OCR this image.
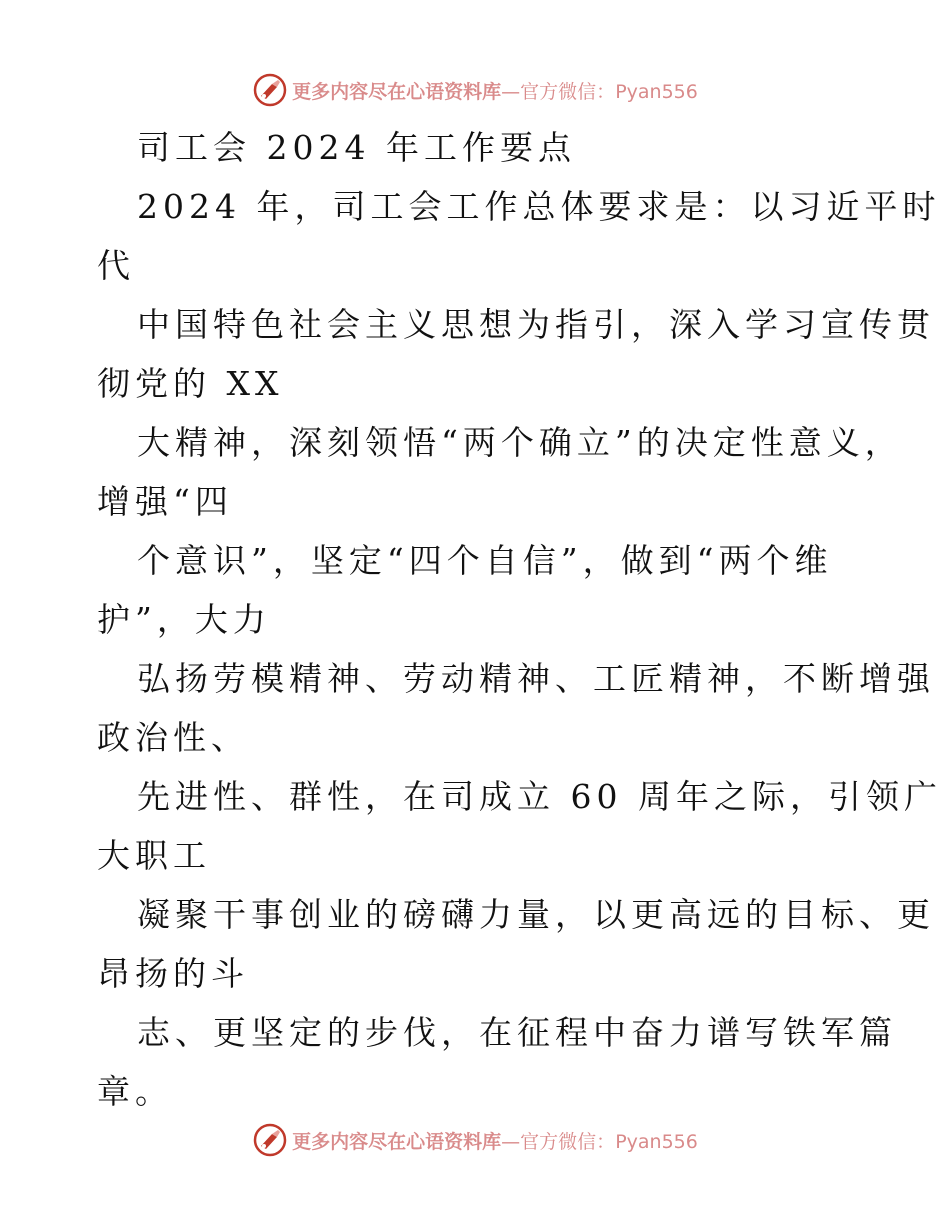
更多内容尽在心语资料库—官方微信：Pyan556
司工会 2024 年工作要点
2024 年，司工会工作总体要求是：以习近平时
代
中国特色社会主义思想为指引，深入学习宣传贯
彻党的 XX
大精神，深刻领悟“两个确立”的决定性意义，
增强“四
个意识”，坚定“四个自信”，做到“两个维
护”，大力
弘扬劳模精神、劳动精神、工匠精神，不断增强
政治性、
先进性、群性，在司成立 60 周年之际，引领广
大职工
凝聚干事创业的磅礴力量，以更高远的目标、更
昂扬的斗
志、更坚定的步伐，在征程中奋力谱写铁军篇
章。
更多内容尽在心语资料库—官方微信：Pyan556
